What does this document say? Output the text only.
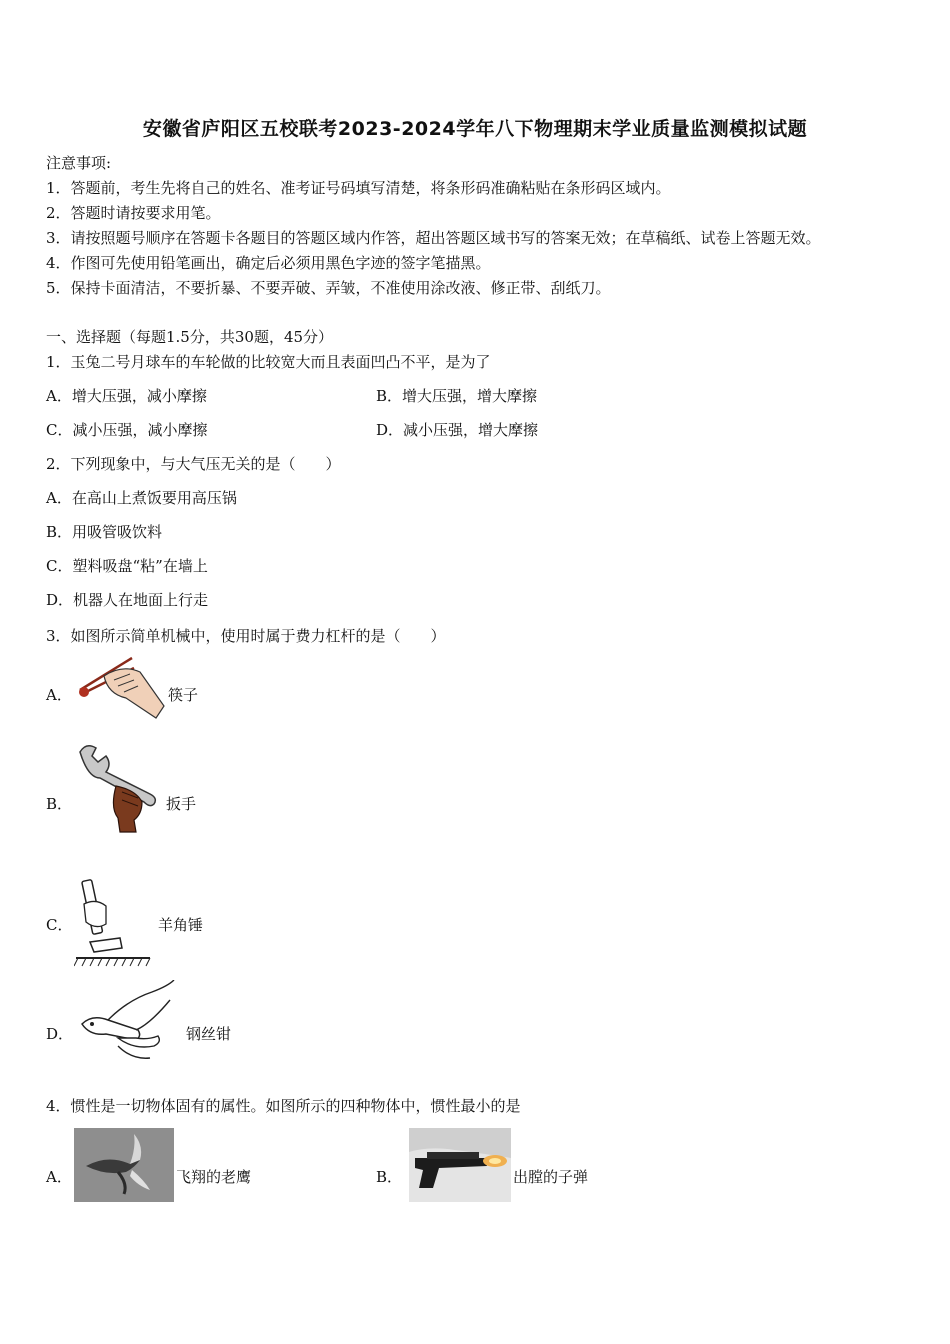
安徽省庐阳区五校联考2023-2024学年八下物理期末学业质量监测模拟试题
注意事项:
1．答题前，考生先将自己的姓名、准考证号码填写清楚，将条形码准确粘贴在条形码区域内。
2．答题时请按要求用笔。
3．请按照题号顺序在答题卡各题目的答题区域内作答，超出答题区域书写的答案无效；在草稿纸、试卷上答题无效。
4．作图可先使用铅笔画出，确定后必须用黑色字迹的签字笔描黑。
5．保持卡面清洁，不要折暴、不要弄破、弄皱，不准使用涂改液、修正带、刮纸刀。
一、选择题（每题1.5分，共30题，45分）
1．玉兔二号月球车的车轮做的比较宽大而且表面凹凸不平，是为了
A．增大压强，减小摩擦	B．增大压强，增大摩擦
C．减小压强，减小摩擦	D．减小压强，增大摩擦
2．下列现象中，与大气压无关的是（　　）
A．在高山上煮饭要用高压锅
B．用吸管吸饮料
C．塑料吸盘“粘”在墙上
D．机器人在地面上行走
3．如图所示简单机械中，使用时属于费力杠杆的是（　　）
A．	筷子
B．	扳手
C．	羊角锤
D．	钢丝钳
4．惯性是一切物体固有的属性。如图所示的四种物体中，惯性最小的是
A．	飞翔的老鹰	B．	出膛的子弹
